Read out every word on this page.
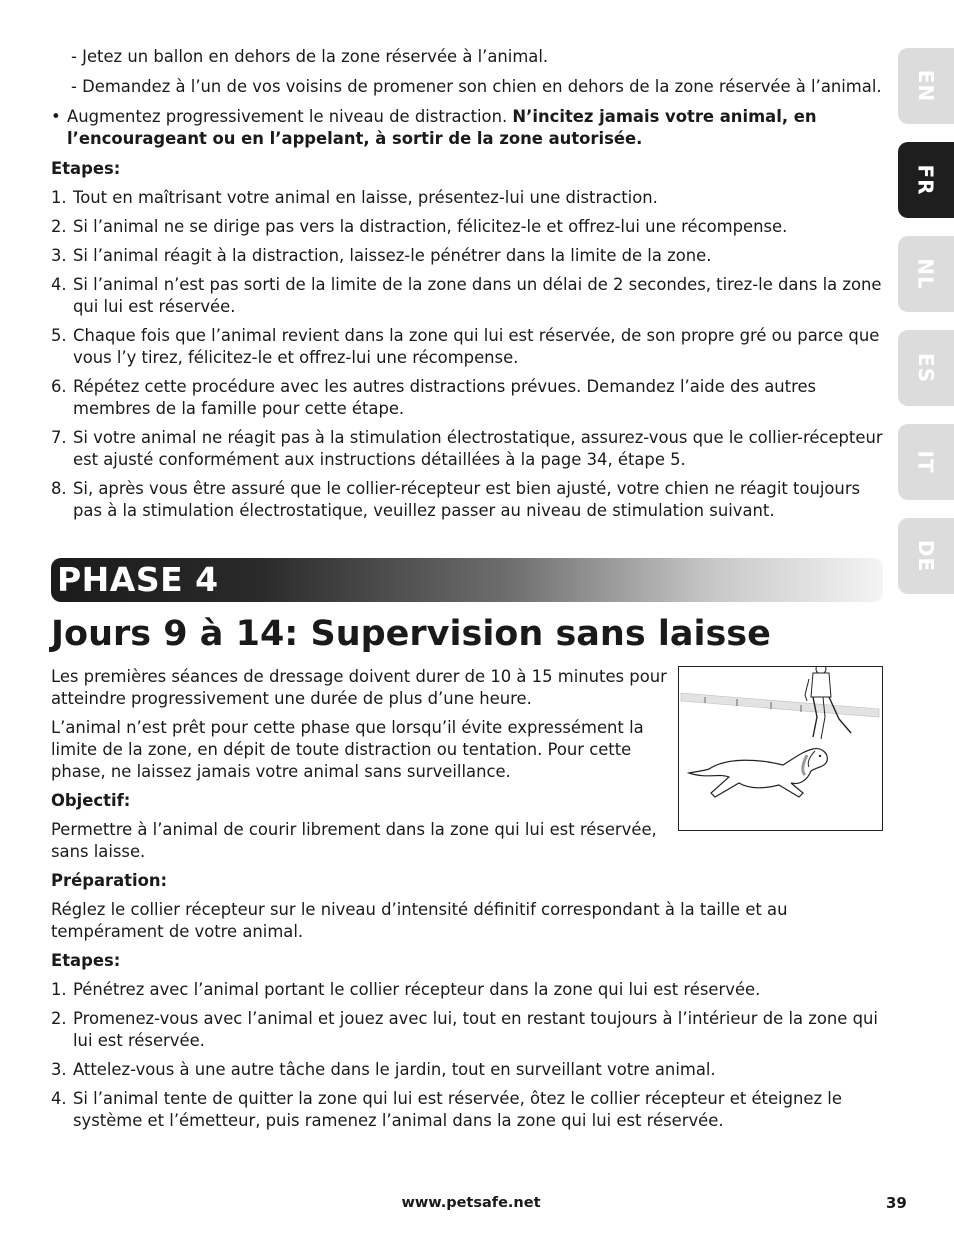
- Jetez un ballon en dehors de la zone réservée à l’animal.

- Demandez à l’un de vos voisins de promener son chien en dehors de la zone réservée à l’animal.

• Augmentez progressivement le niveau de distraction. N’incitez jamais votre animal, en l’encourageant ou en l’appelant, à sortir de la zone autorisée.

Etapes:

1. Tout en maîtrisant votre animal en laisse, présentez-lui une distraction.
2. Si l’animal ne se dirige pas vers la distraction, félicitez-le et offrez-lui une récompense.
3. Si l’animal réagit à la distraction, laissez-le pénétrer dans la limite de la zone.
4. Si l’animal n’est pas sorti de la limite de la zone dans un délai de 2 secondes, tirez-le dans la zone qui lui est réservée.
5. Chaque fois que l’animal revient dans la zone qui lui est réservée, de son propre gré ou parce que vous l’y tirez, félicitez-le et offrez-lui une récompense.
6. Répétez cette procédure avec les autres distractions prévues. Demandez l’aide des autres membres de la famille pour cette étape.
7. Si votre animal ne réagit pas à la stimulation électrostatique, assurez-vous que le collier-récepteur est ajusté conformément aux instructions détaillées à la page 34, étape 5.
8. Si, après vous être assuré que le collier-récepteur est bien ajusté, votre chien ne réagit toujours pas à la stimulation électrostatique, veuillez passer au niveau de stimulation suivant.
PHASE 4
Jours 9 à 14: Supervision sans laisse

Les premières séances de dressage doivent durer de 10 à 15 minutes pour atteindre progressivement une durée de plus d’une heure.

L’animal n’est prêt pour cette phase que lorsqu’il évite expressément la limite de la zone, en dépit de toute distraction ou tentation. Pour cette phase, ne laissez jamais votre animal sans surveillance.

Objectif:

Permettre à l’animal de courir librement dans la zone qui lui est réservée, sans laisse.

Préparation:

Réglez le collier récepteur sur le niveau d’intensité définitif correspondant à la taille et au tempérament de votre animal.

Etapes:

1. Pénétrez avec l’animal portant le collier récepteur dans la zone qui lui est réservée.
2. Promenez-vous avec l’animal et jouez avec lui, tout en restant toujours à l’intérieur de la zone qui lui est réservée.
3. Attelez-vous à une autre tâche dans le jardin, tout en surveillant votre animal.
4. Si l’animal tente de quitter la zone qui lui est réservée, ôtez le collier récepteur et éteignez le système et l’émetteur, puis ramenez l’animal dans la zone qui lui est réservée.
EN
FR
NL
ES
IT
DE
www.petsafe.net	39
